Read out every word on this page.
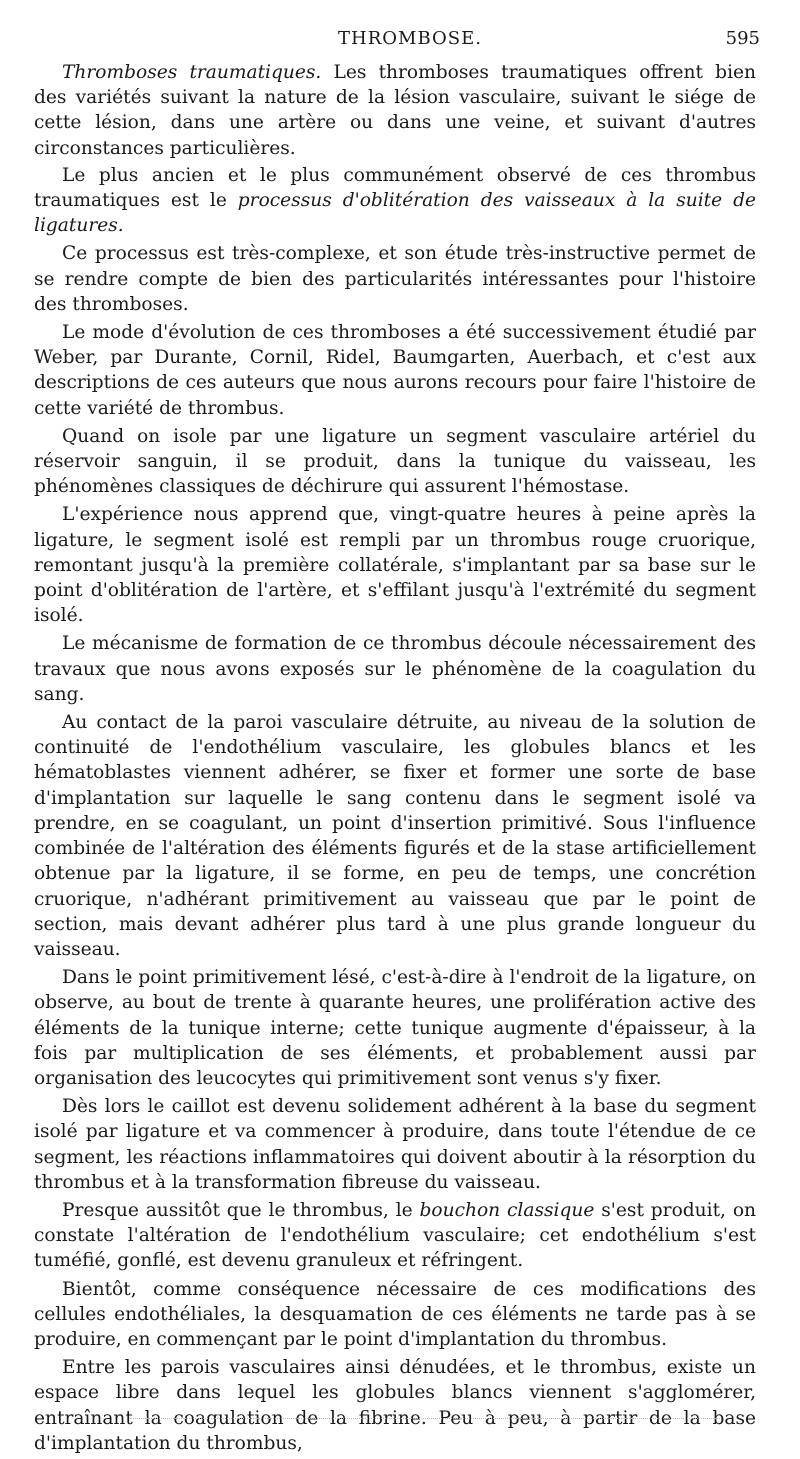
THROMBOSE.	595

Thromboses traumatiques. Les thromboses traumatiques offrent bien des variétés suivant la nature de la lésion vasculaire, suivant le siége de cette lésion, dans une artère ou dans une veine, et suivant d'autres circonstances particulières.

Le plus ancien et le plus communément observé de ces thrombus traumatiques est le processus d'oblitération des vaisseaux à la suite de ligatures.

Ce processus est très-complexe, et son étude très-instructive permet de se rendre compte de bien des particularités intéressantes pour l'histoire des thromboses.

Le mode d'évolution de ces thromboses a été successivement étudié par Weber, par Durante, Cornil, Ridel, Baumgarten, Auerbach, et c'est aux descriptions de ces auteurs que nous aurons recours pour faire l'histoire de cette variété de thrombus.

Quand on isole par une ligature un segment vasculaire artériel du réservoir sanguin, il se produit, dans la tunique du vaisseau, les phénomènes classiques de déchirure qui assurent l'hémostase.

L'expérience nous apprend que, vingt-quatre heures à peine après la ligature, le segment isolé est rempli par un thrombus rouge cruorique, remontant jusqu'à la première collatérale, s'implantant par sa base sur le point d'oblitération de l'artère, et s'effilant jusqu'à l'extrémité du segment isolé.

Le mécanisme de formation de ce thrombus découle nécessairement des travaux que nous avons exposés sur le phénomène de la coagulation du sang.

Au contact de la paroi vasculaire détruite, au niveau de la solution de continuité de l'endothélium vasculaire, les globules blancs et les hématoblastes viennent adhérer, se fixer et former une sorte de base d'implantation sur laquelle le sang contenu dans le segment isolé va prendre, en se coagulant, un point d'insertion primitivé. Sous l'influence combinée de l'altération des éléments figurés et de la stase artificiellement obtenue par la ligature, il se forme, en peu de temps, une concrétion cruorique, n'adhérant primitivement au vaisseau que par le point de section, mais devant adhérer plus tard à une plus grande longueur du vaisseau.

Dans le point primitivement lésé, c'est-à-dire à l'endroit de la ligature, on observe, au bout de trente à quarante heures, une prolifération active des éléments de la tunique interne; cette tunique augmente d'épaisseur, à la fois par multiplication de ses éléments, et probablement aussi par organisation des leucocytes qui primitivement sont venus s'y fixer.

Dès lors le caillot est devenu solidement adhérent à la base du segment isolé par ligature et va commencer à produire, dans toute l'étendue de ce segment, les réactions inflammatoires qui doivent aboutir à la résorption du thrombus et à la transformation fibreuse du vaisseau.

Presque aussitôt que le thrombus, le bouchon classique s'est produit, on constate l'altération de l'endothélium vasculaire; cet endothélium s'est tuméfié, gonflé, est devenu granuleux et réfringent.

Bientôt, comme conséquence nécessaire de ces modifications des cellules endothéliales, la desquamation de ces éléments ne tarde pas à se produire, en commençant par le point d'implantation du thrombus.

Entre les parois vasculaires ainsi dénudées, et le thrombus, existe un espace libre dans lequel les globules blancs viennent s'agglomérer, entraînant la coagulation de la fibrine. Peu à peu, à partir de la base d'implantation du thrombus,
